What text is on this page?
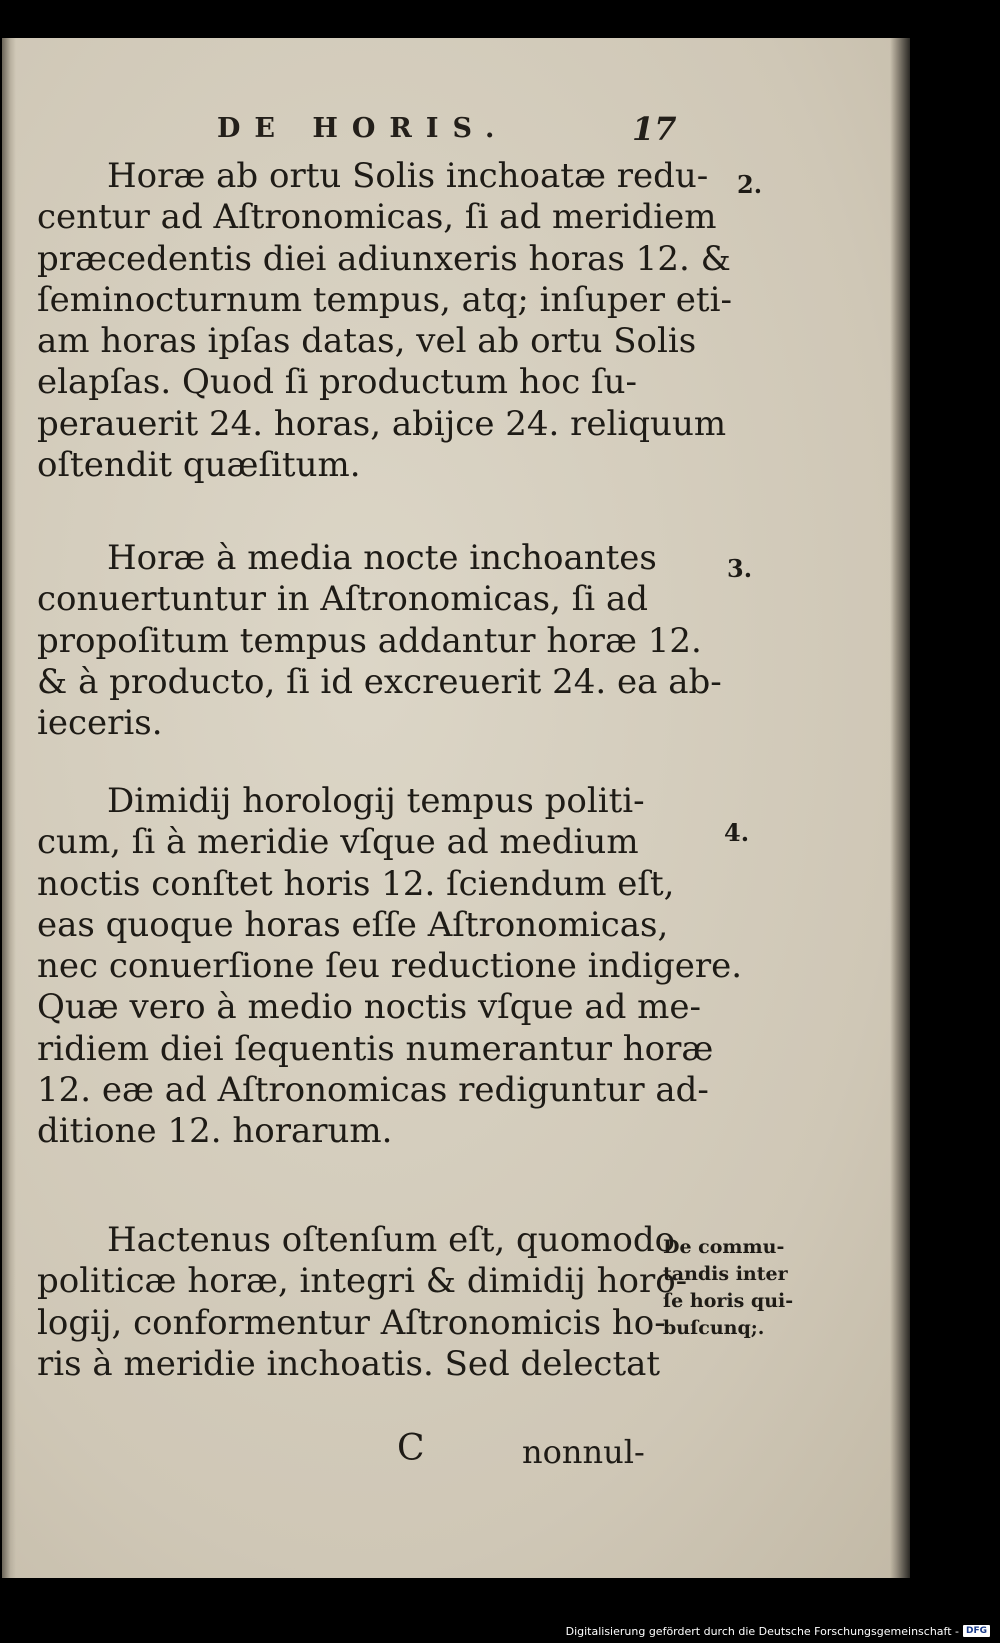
DE HORIS.	17
Horæ ab ortu Solis inchoatæ redu-
centur ad Aſtronomicas, ſi ad meridiem
præcedentis diei adiunxeris horas 12. &
ſeminocturnum tempus, atq; inſuper eti-
am horas ipſas datas, vel ab ortu Solis
elapſas. Quod ſi productum hoc ſu-
perauerit 24. horas, abijce 24. reliquum
oſtendit quæſitum.
2.
Horæ à media nocte inchoantes
conuertuntur in Aſtronomicas, ſi ad
propoſitum tempus addantur horæ 12.
& à producto, ſi id excreuerit 24. ea ab-
ieceris.
3.
Dimidij horologij tempus politi-
cum, ſi à meridie vſque ad medium
noctis conſtet horis 12. ſciendum eſt,
eas quoque horas eſſe Aſtronomicas,
nec conuerſione ſeu reductione indigere.
Quæ vero à medio noctis vſque ad me-
ridiem diei ſequentis numerantur horæ
12. eæ ad Aſtronomicas rediguntur ad-
ditione 12. horarum.
4.
Hactenus oſtenſum eſt, quomodo
politicæ horæ, integri & dimidij horo-
logij, conformentur Aſtronomicis ho-
ris à meridie inchoatis. Sed delectat
De commu-
tandis inter
ſe horis qui-
buſcunq;.
C	nonnul-
Digitalisierung gefördert durch die Deutsche Forschungsgemeinschaft - DFG
